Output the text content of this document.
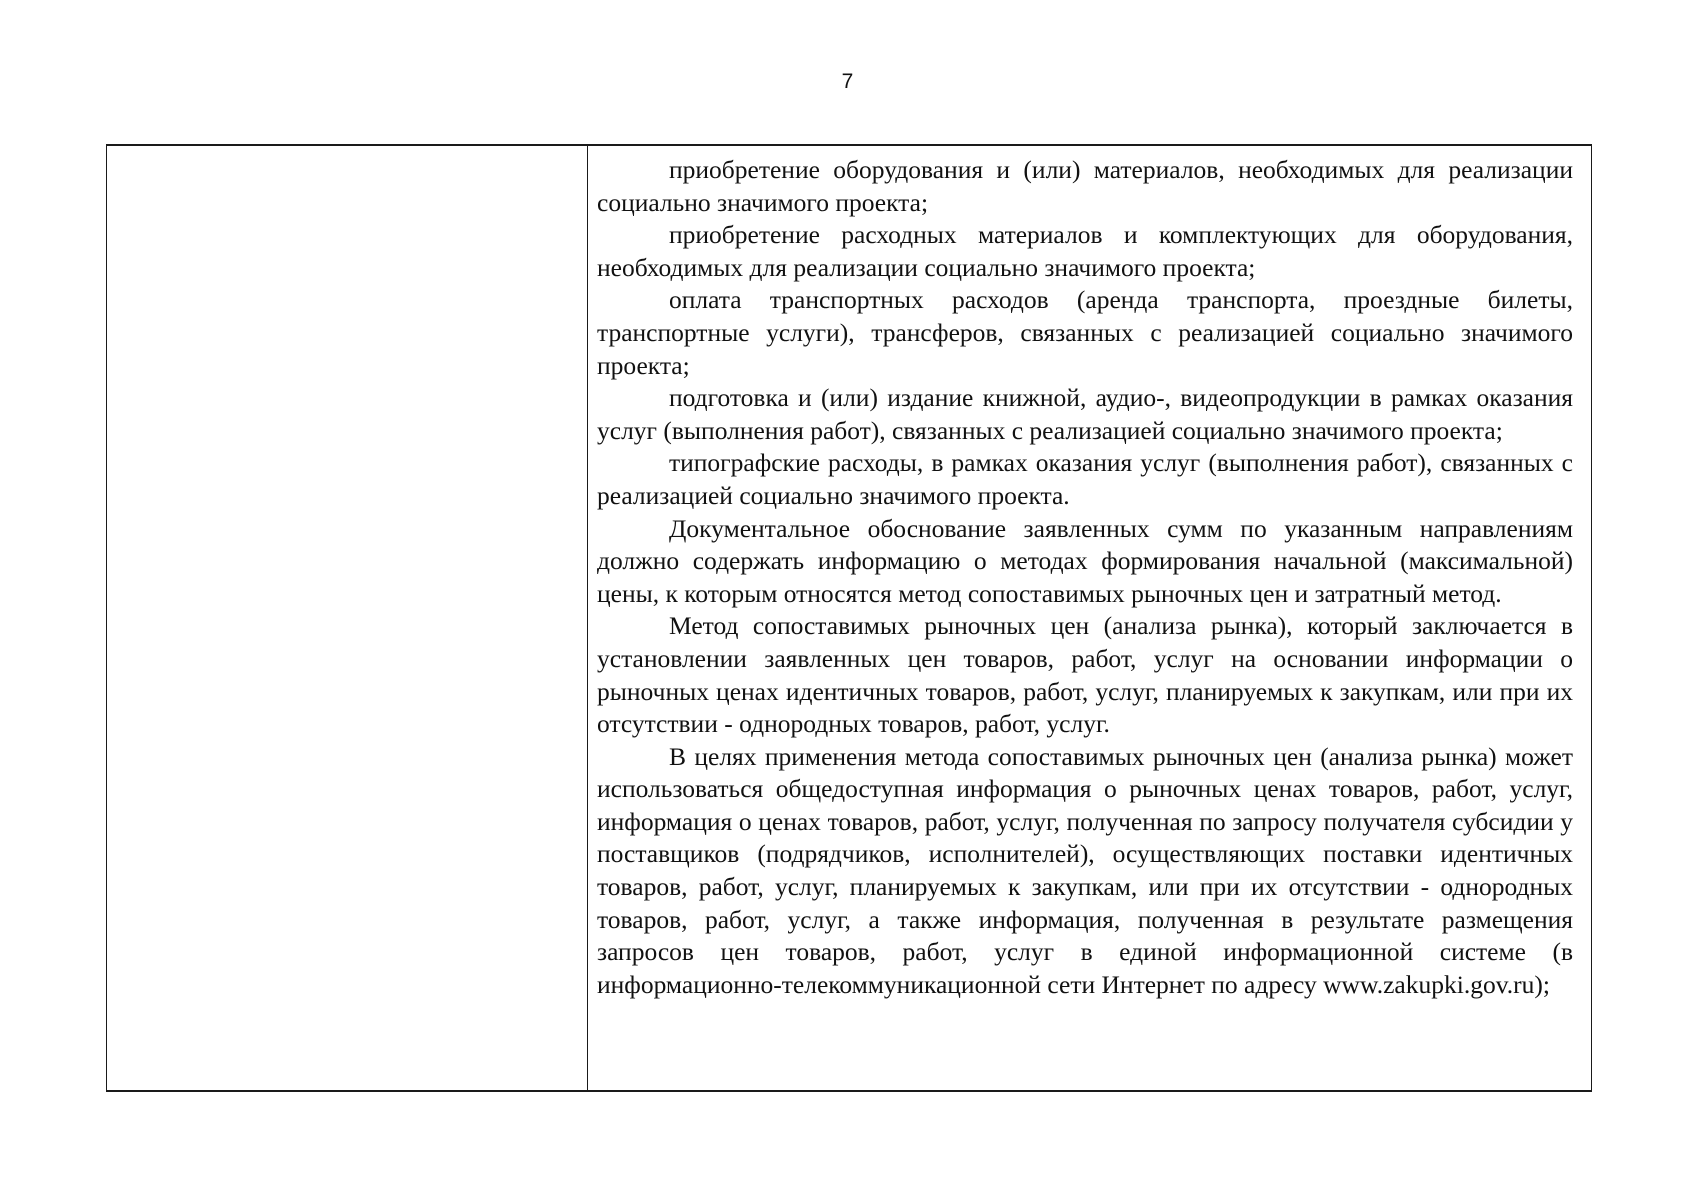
7

приобретение оборудования и (или) материалов, необходимых для реализации социально значимого проекта;

приобретение расходных материалов и комплектующих для оборудования, необходимых для реализации социально значимого проекта;

оплата транспортных расходов (аренда транспорта, проездные билеты, транспортные услуги), трансферов, связанных с реализацией социально значимого проекта;

подготовка и (или) издание книжной, аудио-, видеопродукции в рамках оказания услуг (выполнения работ), связанных с реализацией социально значимого проекта;

типографские расходы, в рамках оказания услуг (выполнения работ), связанных с реализацией социально значимого проекта.

Документальное обоснование заявленных сумм по указанным направлениям должно содержать информацию о методах формирования начальной (максимальной) цены, к которым относятся метод сопоставимых рыночных цен и затратный метод.

Метод сопоставимых рыночных цен (анализа рынка), который заключается в установлении заявленных цен товаров, работ, услуг на основании информации о рыночных ценах идентичных товаров, работ, услуг, планируемых к закупкам, или при их отсутствии - однородных товаров, работ, услуг.

В целях применения метода сопоставимых рыночных цен (анализа рынка) может использоваться общедоступная информация о рыночных ценах товаров, работ, услуг, информация о ценах товаров, работ, услуг, полученная по запросу получателя субсидии у поставщиков (подрядчиков, исполнителей), осуществляющих поставки идентичных товаров, работ, услуг, планируемых к закупкам, или при их отсутствии - однородных товаров, работ, услуг, а также информация, полученная в результате размещения запросов цен товаров, работ, услуг в единой информационной системе (в информационно-телекоммуникационной сети Интернет по адресу www.zakupki.gov.ru);
